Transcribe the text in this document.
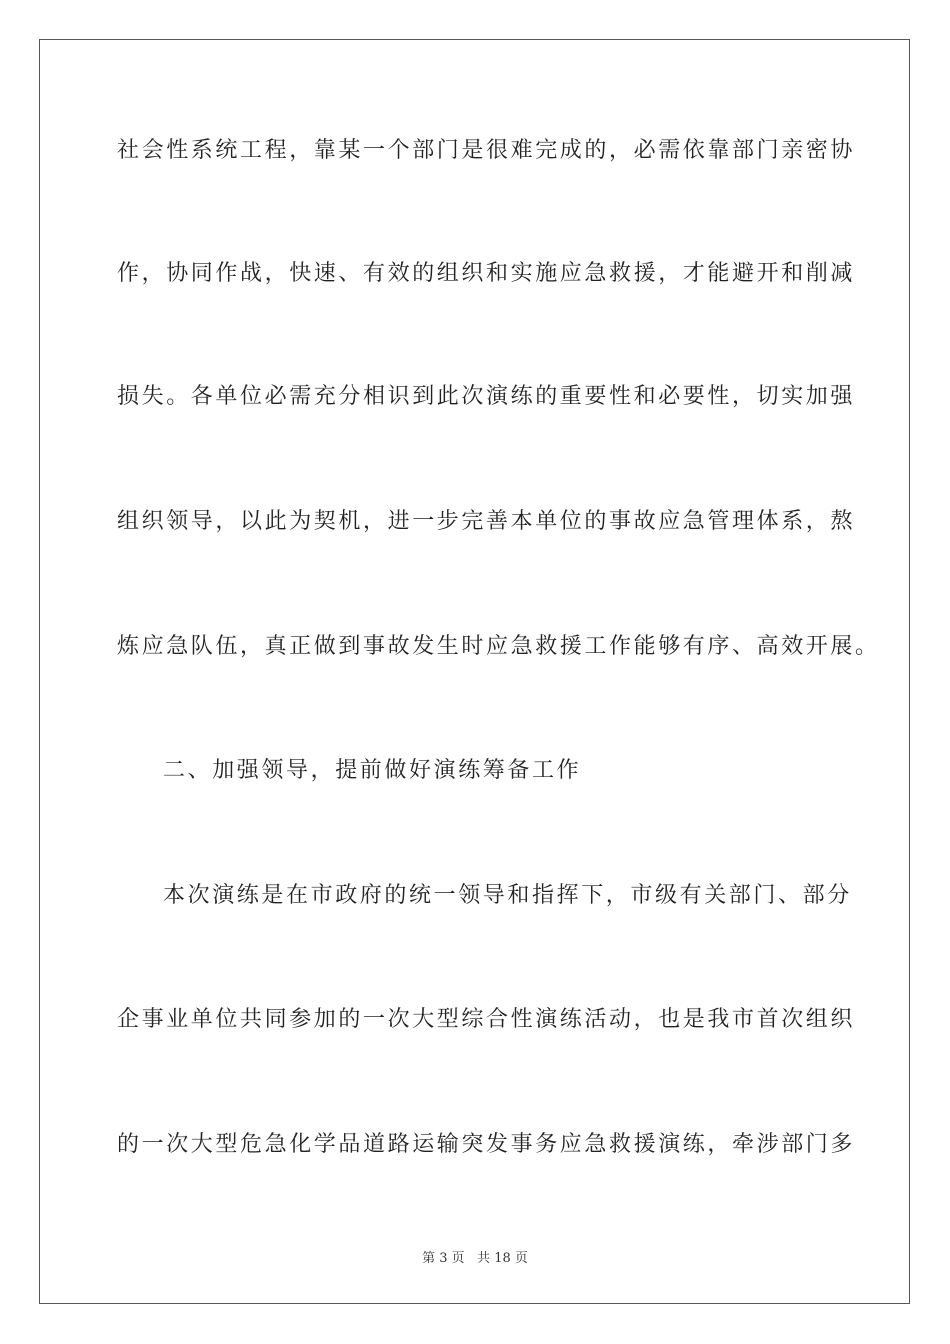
社会性系统工程，靠某一个部门是很难完成的，必需依靠部门亲密协
作，协同作战，快速、有效的组织和实施应急救援，才能避开和削减
损失。各单位必需充分相识到此次演练的重要性和必要性，切实加强
组织领导，以此为契机，进一步完善本单位的事故应急管理体系，熬
炼应急队伍，真正做到事故发生时应急救援工作能够有序、高效开展。
二、加强领导，提前做好演练筹备工作
本次演练是在市政府的统一领导和指挥下，市级有关部门、部分
企事业单位共同参加的一次大型综合性演练活动，也是我市首次组织
的一次大型危急化学品道路运输突发事务应急救援演练，牵涉部门多
第 3 页   共 18 页
